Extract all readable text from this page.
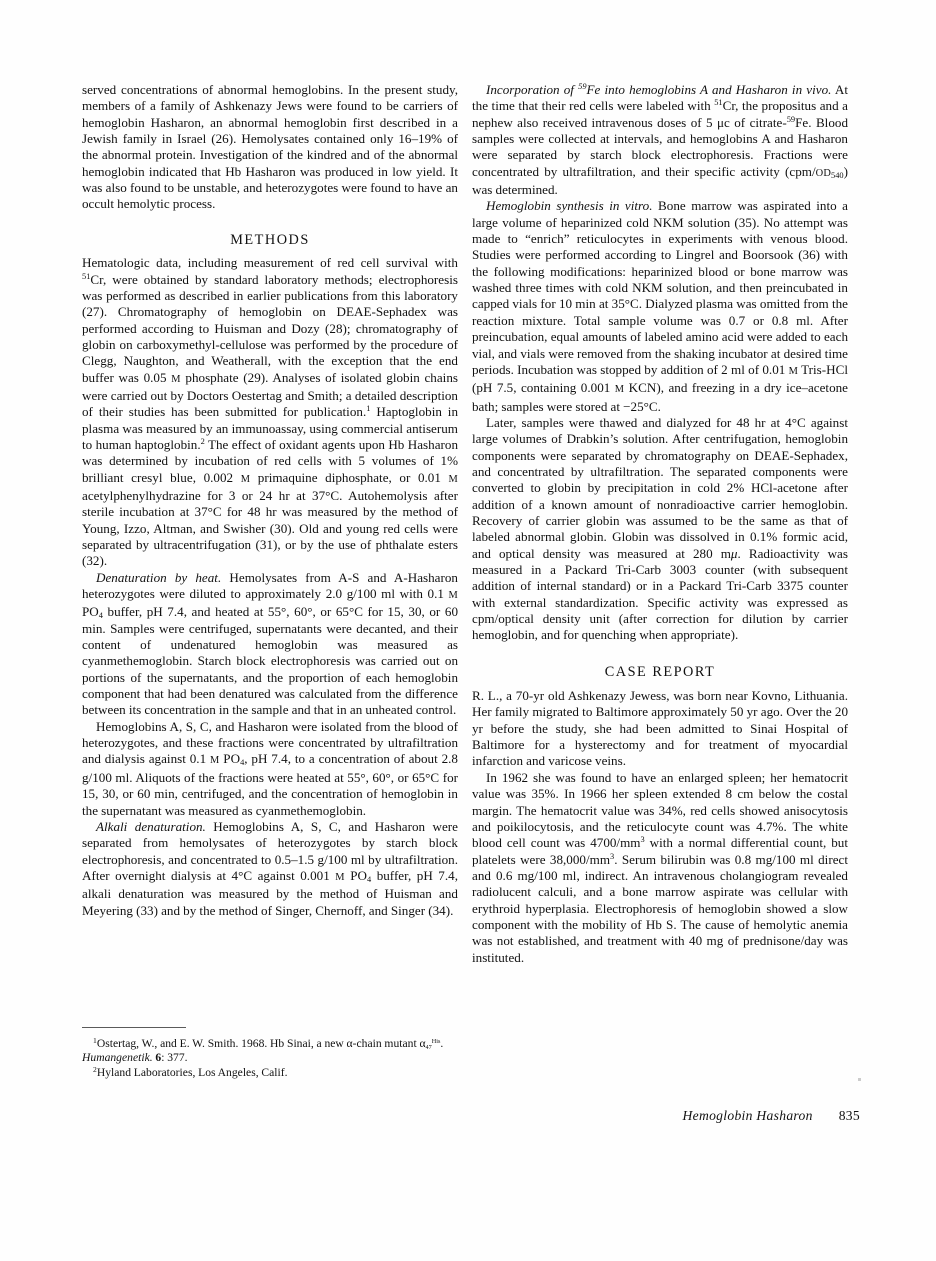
served concentrations of abnormal hemoglobins. In the present study, members of a family of Ashkenazy Jews were found to be carriers of hemoglobin Hasharon, an abnormal hemoglobin first described in a Jewish family in Israel (26). Hemolysates contained only 16–19% of the abnormal protein. Investigation of the kindred and of the abnormal hemoglobin indicated that Hb Hasharon was produced in low yield. It was also found to be unstable, and heterozygotes were found to have an occult hemolytic process.

METHODS

Hematologic data, including measurement of red cell survival with $^{51}$Cr, were obtained by standard laboratory methods; electrophoresis was performed as described in earlier publications from this laboratory (27). Chromatography of hemoglobin on DEAE-Sephadex was performed according to Huisman and Dozy (28); chromatography of globin on carboxymethyl-cellulose was performed by the procedure of Clegg, Naughton, and Weatherall, with the exception that the end buffer was 0.05 M phosphate (29). Analyses of isolated globin chains were carried out by Doctors Oestertag and Smith; a detailed description of their studies has been submitted for publication.$^1$ Haptoglobin in plasma was measured by an immunoassay, using commercial antiserum to human haptoglobin.$^2$ The effect of oxidant agents upon Hb Hasharon was determined by incubation of red cells with 5 volumes of 1% brilliant cresyl blue, 0.002 M primaquine diphosphate, or 0.01 M acetylphenylhydrazine for 3 or 24 hr at 37°C. Autohemolysis after sterile incubation at 37°C for 48 hr was measured by the method of Young, Izzo, Altman, and Swisher (30). Old and young red cells were separated by ultracentrifugation (31), or by the use of phthalate esters (32).

Denaturation by heat. Hemolysates from A-S and A-Hasharon heterozygotes were diluted to approximately 2.0 g/100 ml with 0.1 M $PO_4$ buffer, pH 7.4, and heated at 55°, 60°, or 65°C for 15, 30, or 60 min. Samples were centrifuged, supernatants were decanted, and their content of undenatured hemoglobin was measured as cyanmethemoglobin. Starch block electrophoresis was carried out on portions of the supernatants, and the proportion of each hemoglobin component that had been denatured was calculated from the difference between its concentration in the sample and that in an unheated control.

Hemoglobins A, S, C, and Hasharon were isolated from the blood of heterozygotes, and these fractions were concentrated by ultrafiltration and dialysis against 0.1 M $PO_4$, pH 7.4, to a concentration of about 2.8 g/100 ml. Aliquots of the fractions were heated at 55°, 60°, or 65°C for 15, 30, or 60 min, centrifuged, and the concentration of hemoglobin in the supernatant was measured as cyanmethemoglobin.

Alkali denaturation. Hemoglobins A, S, C, and Hasharon were separated from hemolysates of heterozygotes by starch block electrophoresis, and concentrated to 0.5–1.5 g/100 ml by ultrafiltration. After overnight dialysis at 4°C against 0.001 M $PO_4$ buffer, pH 7.4, alkali denaturation was measured by the method of Huisman and Meyering (33) and by the method of Singer, Chernoff, and Singer (34).

Incorporation of $^{59}$Fe into hemoglobins A and Hasharon in vivo. At the time that their red cells were labeled with $^{51}$Cr, the propositus and a nephew also received intravenous doses of 5 μc of citrate-$^{59}$Fe. Blood samples were collected at intervals, and hemoglobins A and Hasharon were separated by starch block electrophoresis. Fractions were concentrated by ultrafiltration, and their specific activity $(cpm/OD_{540})$ was determined.

Hemoglobin synthesis in vitro. Bone marrow was aspirated into a large volume of heparinized cold NKM solution (35). No attempt was made to “enrich” reticulocytes in experiments with venous blood. Studies were performed according to Lingrel and Boorsook (36) with the following modifications: heparinized blood or bone marrow was washed three times with cold NKM solution, and then preincubated in capped vials for 10 min at 35°C. Dialyzed plasma was omitted from the reaction mixture. Total sample volume was 0.7 or 0.8 ml. After preincubation, equal amounts of labeled amino acid were added to each vial, and vials were removed from the shaking incubator at desired time periods. Incubation was stopped by addition of 2 ml of 0.01 M Tris-HCl (pH 7.5, containing 0.001 M KCN), and freezing in a dry ice–acetone bath; samples were stored at −25°C.

Later, samples were thawed and dialyzed for 48 hr at 4°C against large volumes of Drabkin’s solution. After centrifugation, hemoglobin components were separated by chromatography on DEAE-Sephadex, and concentrated by ultrafiltration. The separated components were converted to globin by precipitation in cold 2% HCl-acetone after addition of a known amount of nonradioactive carrier hemoglobin. Recovery of carrier globin was assumed to be the same as that of labeled abnormal globin. Globin was dissolved in 0.1% formic acid, and optical density was measured at 280 mμ. Radioactivity was measured in a Packard Tri-Carb 3003 counter (with subsequent addition of internal standard) or in a Packard Tri-Carb 3375 counter with external standardization. Specific activity was expressed as cpm/optical density unit (after correction for dilution by carrier hemoglobin, and for quenching when appropriate).

CASE REPORT

R. L., a 70-yr old Ashkenazy Jewess, was born near Kovno, Lithuania. Her family migrated to Baltimore approximately 50 yr ago. Over the 20 yr before the study, she had been admitted to Sinai Hospital of Baltimore for a hysterectomy and for treatment of myocardial infarction and varicose veins.

In 1962 she was found to have an enlarged spleen; her hematocrit value was 35%. In 1966 her spleen extended 8 cm below the costal margin. The hematocrit value was 34%, red cells showed anisocytosis and poikilocytosis, and the reticulocyte count was 4.7%. The white blood cell count was $4700/mm^3$ with a normal differential count, but platelets were $38,000/mm^3$. Serum bilirubin was 0.8 mg/100 ml direct and 0.6 mg/100 ml, indirect. An intravenous cholangiogram revealed radiolucent calculi, and a bone marrow aspirate was cellular with erythroid hyperplasia. Electrophoresis of hemoglobin showed a slow component with the mobility of Hb S. The cause of hemolytic anemia was not established, and treatment with 40 mg of prednisone/day was instituted.

$^1$Ostertag, W., and E. W. Smith. 1968. Hb Sinai, a new α-chain mutant $\alpha_{47}^{His}$. Humangenetik. 6: 377.

$^2$Hyland Laboratories, Los Angeles, Calif.

Hemoglobin Hasharon 835
